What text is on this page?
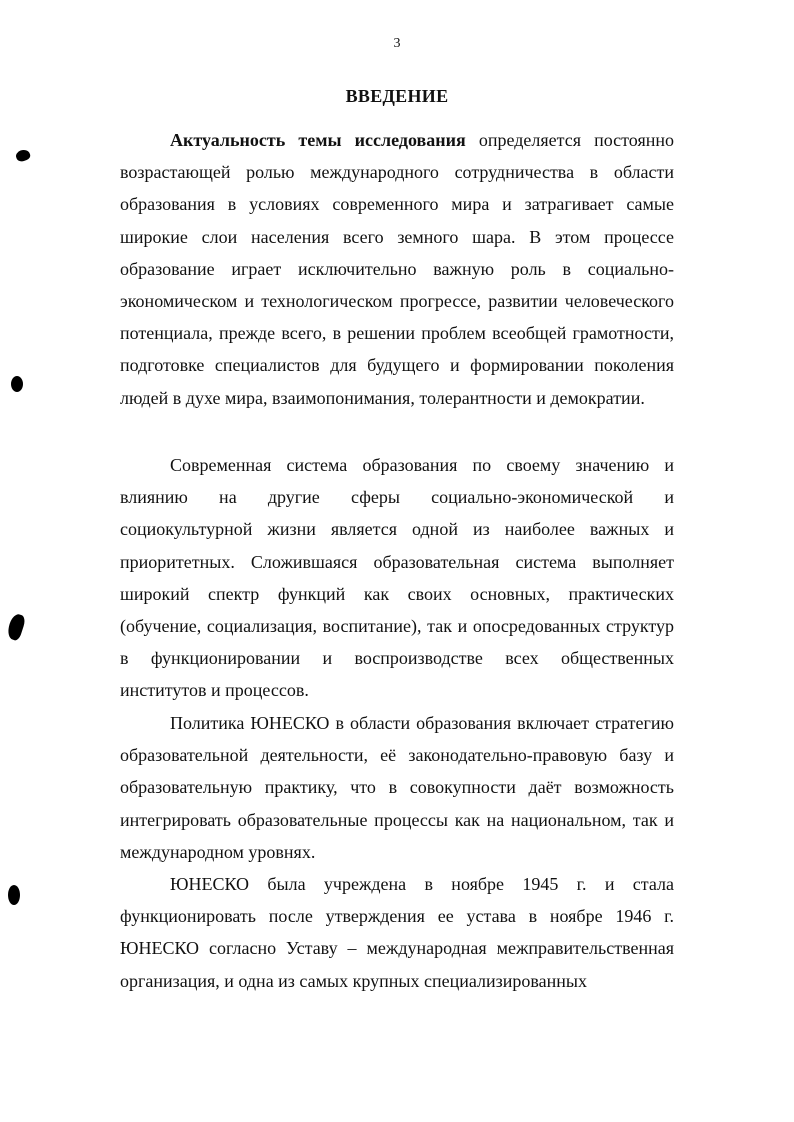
3
ВВЕДЕНИЕ

Актуальность темы исследования определяется постоянно возрастающей ролью международного сотрудничества в области образования в условиях современного мира и затрагивает самые широкие слои населения всего земного шара. В этом процессе образование играет исключительно важную роль в социально-экономическом и технологическом прогрессе, развитии человеческого потенциала, прежде всего, в решении проблем всеобщей грамотности, подготовке специалистов для будущего и формировании поколения людей в духе мира, взаимопонимания, толерантности и демократии.

Современная система образования по своему значению и влиянию на другие сферы социально-экономической и социокультурной жизни является одной из наиболее важных и приоритетных. Сложившаяся образовательная система выполняет широкий спектр функций как своих основных, практических (обучение, социализация, воспитание), так и опосредованных структур в функционировании и воспроизводстве всех общественных институтов и процессов.

Политика ЮНЕСКО в области образования включает стратегию образовательной деятельности, её законодательно-правовую базу и образовательную практику, что в совокупности даёт возможность интегрировать образовательные процессы как на национальном, так и международном уровнях.

ЮНЕСКО была учреждена в ноябре 1945 г. и стала функционировать после утверждения ее устава в ноябре 1946 г. ЮНЕСКО согласно Уставу – международная межправительственная организация, и одна из самых крупных специализированных
